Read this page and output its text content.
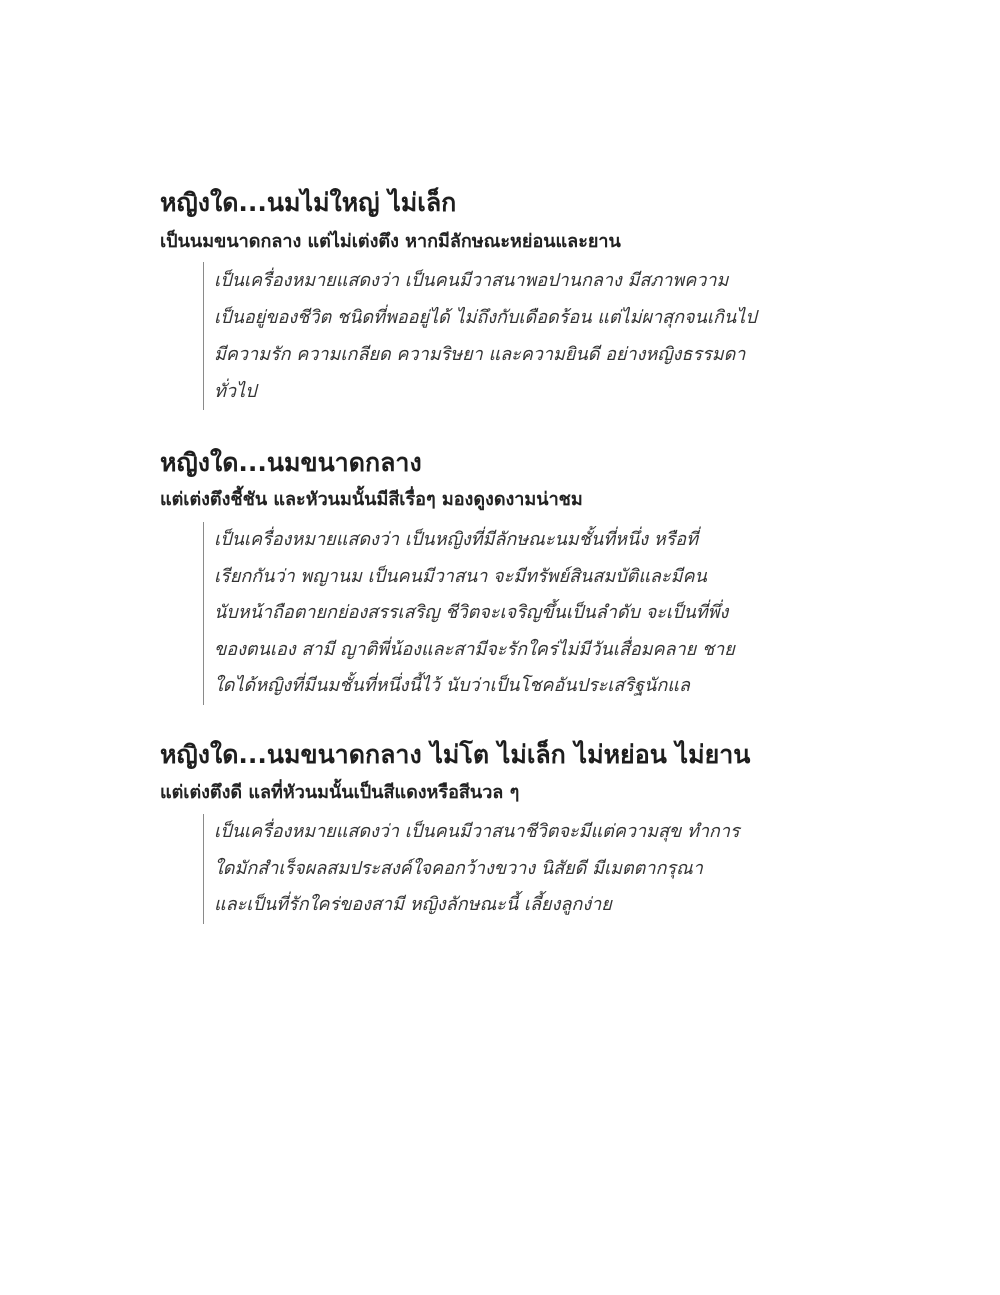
หญิงใด...นมไม่ใหญ่ ไม่เล็ก
เป็นนมขนาดกลาง แต่ไม่เต่งตึง หากมีลักษณะหย่อนและยาน
เป็นเครื่องหมายแสดงว่า เป็นคนมีวาสนาพอปานกลาง มีสภาพความ
เป็นอยู่ของชีวิต ชนิดที่พออยู่ได้ ไม่ถึงกับเดือดร้อน แต่ไม่ผาสุกจนเกินไป
มีความรัก ความเกลียด ความริษยา และความยินดี อย่างหญิงธรรมดา
ทั่วไป
หญิงใด...นมขนาดกลาง
แต่เต่งตึงชี้ชัน และหัวนมนั้นมีสีเรื่อๆ มองดูงดงามน่าชม
เป็นเครื่องหมายแสดงว่า เป็นหญิงที่มีลักษณะนมชั้นที่หนึ่ง หรือที่
เรียกกันว่า พญานม เป็นคนมีวาสนา จะมีทรัพย์สินสมบัติและมีคน
นับหน้าถือตายกย่องสรรเสริญ ชีวิตจะเจริญขึ้นเป็นลำดับ จะเป็นที่พึ่ง
ของตนเอง สามี ญาติพี่น้องและสามีจะรักใคร่ไม่มีวันเสื่อมคลาย ชาย
ใดได้หญิงที่มีนมชั้นที่หนึ่งนี้ไว้ นับว่าเป็นโชคอันประเสริฐนักแล
หญิงใด...นมขนาดกลาง ไม่โต ไม่เล็ก ไม่หย่อน ไม่ยาน
แต่เต่งตึงดี แลที่หัวนมนั้นเป็นสีแดงหรือสีนวล ๆ
เป็นเครื่องหมายแสดงว่า เป็นคนมีวาสนาชีวิตจะมีแต่ความสุข ทำการ
ใดมักสำเร็จผลสมประสงค์ใจคอกว้างขวาง นิสัยดี มีเมตตากรุณา
และเป็นที่รักใคร่ของสามี หญิงลักษณะนี้ เลี้ยงลูกง่าย
